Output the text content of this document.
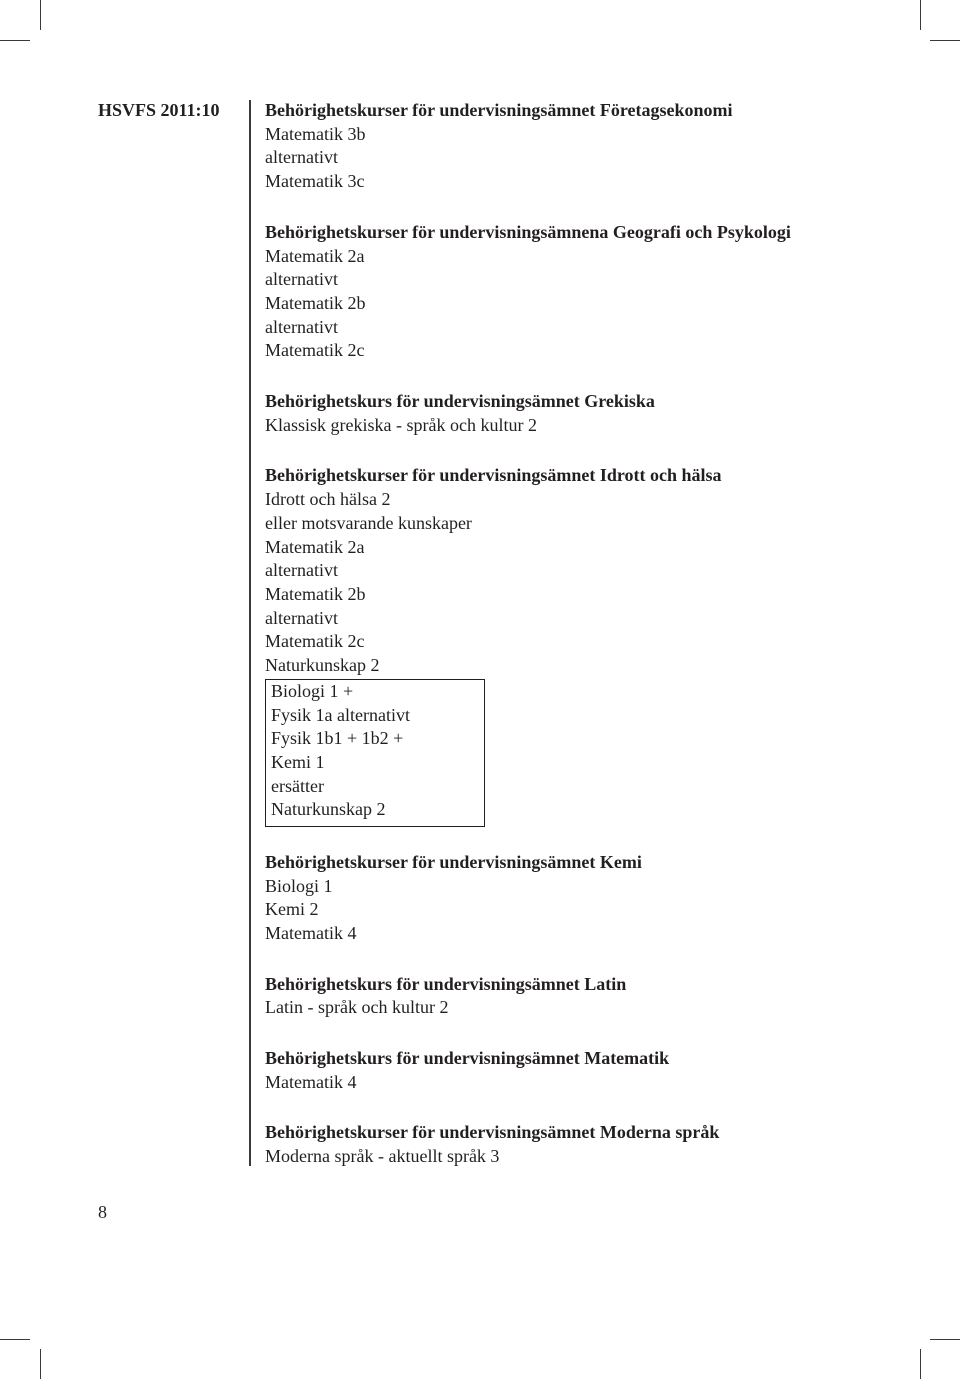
HSVFS 2011:10	Behörighetskurser för undervisningsämnet Företagsekonomi
Matematik 3b
alternativt
Matematik 3c
Behörighetskurser för undervisningsämnena Geografi och Psykologi
Matematik 2a
alternativt
Matematik 2b
alternativt
Matematik 2c
Behörighetskurs för undervisningsämnet Grekiska
Klassisk grekiska - språk och kultur 2
Behörighetskurser för undervisningsämnet Idrott och hälsa
Idrott och hälsa 2
eller motsvarande kunskaper
Matematik 2a
alternativt
Matematik 2b
alternativt
Matematik 2c
Naturkunskap 2
Biologi 1 +
Fysik 1a alternativt
Fysik 1b1 + 1b2 +
Kemi 1
ersätter
Naturkunskap 2
Behörighetskurser för undervisningsämnet Kemi
Biologi 1
Kemi 2
Matematik 4
Behörighetskurs för undervisningsämnet Latin
Latin - språk och kultur 2
Behörighetskurs för undervisningsämnet Matematik
Matematik 4
Behörighetskurser för undervisningsämnet Moderna språk
Moderna språk - aktuellt språk 3
8
